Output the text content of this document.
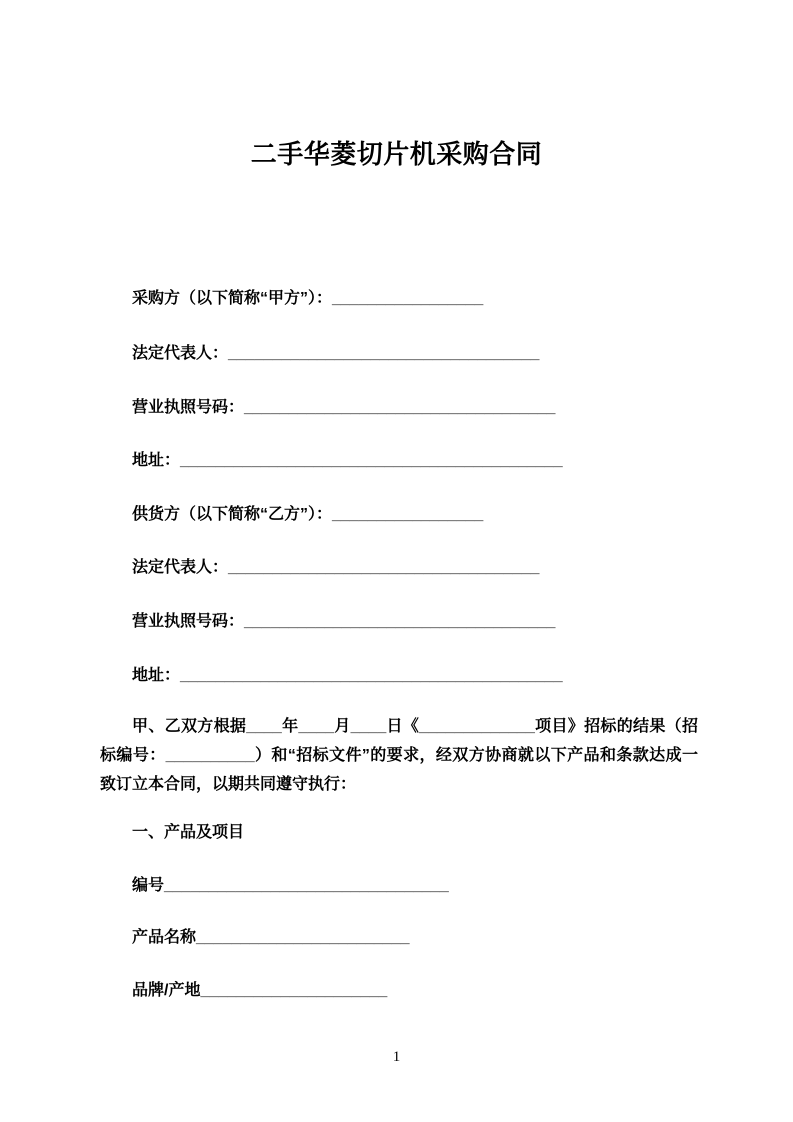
二手华菱切片机采购合同

采购方（以下简称“甲方”）：_________________

法定代表人：___________________________________

营业执照号码：___________________________________

地址：___________________________________________

供货方（以下简称“乙方”）：_________________

法定代表人：___________________________________

营业执照号码：___________________________________

地址：___________________________________________

甲、乙双方根据____年____月____日《_____________项目》招标的结果（招标编号：__________）和“招标文件”的要求，经双方协商就以下产品和条款达成一致订立本合同，以期共同遵守执行：

一、产品及项目

编号________________________________

产品名称________________________

品牌/产地_____________________

1
